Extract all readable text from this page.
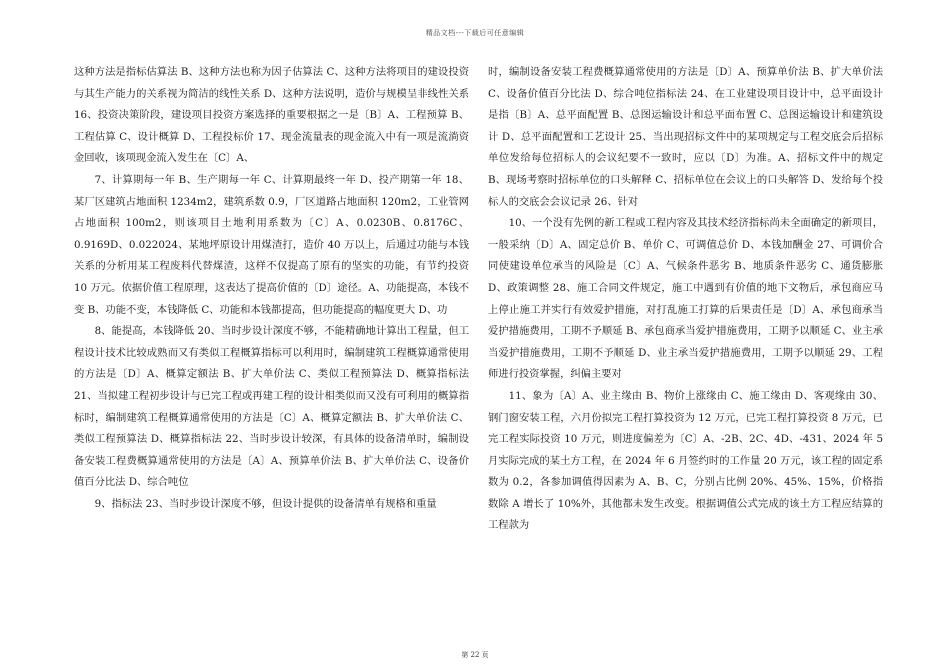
精品文档---下载后可任意编辑

这种方法是指标估算法 B、这种方法也称为因子估算法 C、这种方法将项目的建设投资与其生产能力的关系视为简洁的线性关系 D、这种方法说明，造价与规模呈非线性关系 16、投资决策阶段，建设项目投资方案选择的重要根据之一是〔B〕A、工程预算 B、工程估算 C、设计概算 D、工程投标价 17、现金流量表的现金流入中有一项是流淌资金回收，该项现金流入发生在〔C〕A、

7、计算期每一年 B、生产期每一年 C、计算期最终一年 D、投产期第一年 18、某厂区建筑占地面积 1234m2，建筑系数 0.9，厂区道路占地面积 120m2，工业管网占地面积 100m2，则该项目土地利用系数为〔C〕A、0.0230B、0.8176C、0.9169D、0.022024、某地坪原设计用煤渣打，造价 40 万以上，后通过功能与本钱关系的分析用某工程废料代替煤渣，这样不仅提高了原有的坚实的功能，有节约投资 10 万元。依据价值工程原理，这表达了提高价值的〔D〕途径。A、功能提高，本钱不变 B、功能不变，本钱降低 C、功能和本钱都提高，但功能提高的幅度更大 D、功

8、能提高，本钱降低 20、当时步设计深度不够，不能精确地计算出工程量，但工程设计技术比较成熟而又有类似工程概算指标可以利用时，编制建筑工程概算通常使用的方法是〔D〕A、概算定额法 B、扩大单价法 C、类似工程预算法 D、概算指标法 21、当拟建工程初步设计与已完工程或再建工程的设计相类似而又没有可利用的概算指标时，编制建筑工程概算通常使用的方法是〔C〕A、概算定额法 B、扩大单价法 C、类似工程预算法 D、概算指标法 22、当时步设计较深，有具体的设备清单时，编制设备安装工程费概算通常使用的方法是〔A〕A、预算单价法 B、扩大单价法 C、设备价值百分比法 D、综合吨位

9、指标法 23、当时步设计深度不够，但设计提供的设备清单有规格和重量

时，编制设备安装工程费概算通常使用的方法是〔D〕A、预算单价法 B、扩大单价法 C、设备价值百分比法 D、综合吨位指标法 24、在工业建设项目设计中，总平面设计是指〔B〕A、总平面配置 B、总图运输设计和总平面布置 C、总图运输设计和建筑设计 D、总平面配置和工艺设计 25、当出现招标文件中的某项规定与工程交底会后招标单位发给每位招标人的会议纪要不一致时，应以〔D〕为准。A、招标文件中的规定 B、现场考察时招标单位的口头解释 C、招标单位在会议上的口头解答 D、发给每个投标人的交底会会议记录 26、针对

10、一个没有先例的新工程或工程内容及其技术经济指标尚未全面确定的新项目，一般采纳〔D〕A、固定总价 B、单价 C、可调值总价 D、本钱加酬金 27、可调价合同使建设单位承当的风险是〔C〕A、气候条件恶劣 B、地质条件恶劣 C、通货膨胀 D、政策调整 28、施工合同文件规定，施工中遇到有价值的地下文物后，承包商应马上停止施工并实行有效爱护措施，对打乱施工打算的后果责任是〔D〕A、承包商承当爱护措施费用，工期不予顺延 B、承包商承当爱护措施费用，工期予以顺延 C、业主承当爱护措施费用，工期不予顺延 D、业主承当爱护措施费用，工期予以顺延 29、工程师进行投资掌握，纠偏主要对

11、象为〔A〕A、业主缘由 B、物价上涨缘由 C、施工缘由 D、客观缘由 30、钢门窗安装工程，六月份拟完工程打算投资为 12 万元，已完工程打算投资 8 万元，已完工程实际投资 10 万元，则进度偏差为〔C〕A、-2B、2C、4D、-431、2024 年 5 月实际完成的某土方工程，在 2024 年 6 月签约时的工作量 20 万元，该工程的固定系数为 0.2，各参加调值得因素为 A、B、C，分别占比例 20%、45%、15%，价格指数除 A 增长了 10%外，其他都未发生改变。根据调值公式完成的该土方工程应结算的工程款为

第 22 页
